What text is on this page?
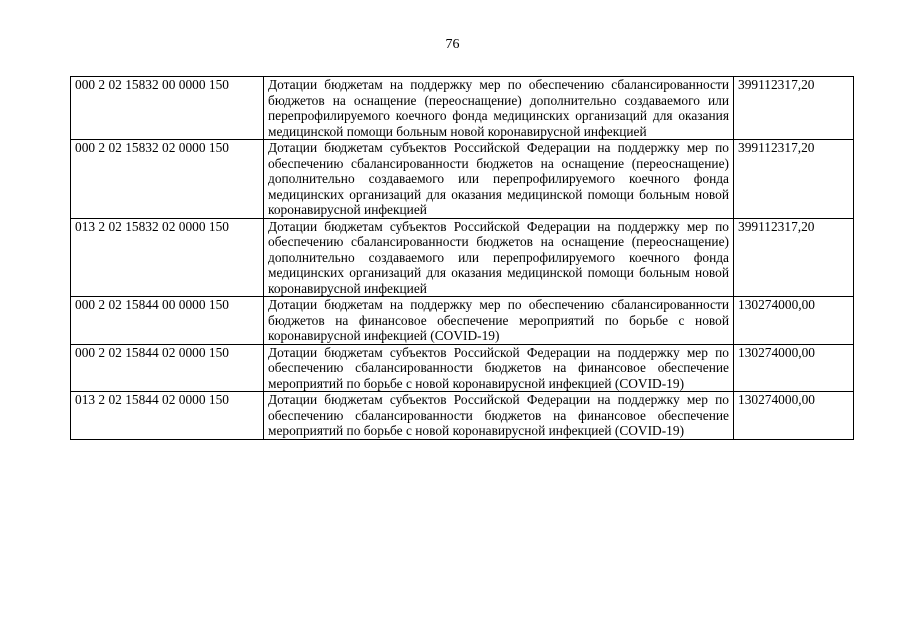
76
000 2 02 15832 00 0000 150	Дотации бюджетам на поддержку мер по обеспечению сбалансированности бюджетов на оснащение (переоснащение) дополнительно создаваемого или перепрофилируемого коечного фонда медицинских организаций для оказания медицинской помощи больным новой коронавирусной инфекцией	399112317,20
000 2 02 15832 02 0000 150	Дотации бюджетам субъектов Российской Федерации на поддержку мер по обеспечению сбалансированности бюджетов на оснащение (переоснащение) дополнительно создаваемого или перепрофилируемого коечного фонда медицинских организаций для оказания медицинской помощи больным новой коронавирусной инфекцией	399112317,20
013 2 02 15832 02 0000 150	Дотации бюджетам субъектов Российской Федерации на поддержку мер по обеспечению сбалансированности бюджетов на оснащение (переоснащение) дополнительно создаваемого или перепрофилируемого коечного фонда медицинских организаций для оказания медицинской помощи больным новой коронавирусной инфекцией	399112317,20
000 2 02 15844 00 0000 150	Дотации бюджетам на поддержку мер по обеспечению сбалансированности бюджетов на финансовое обеспечение мероприятий по борьбе с новой коронавирусной инфекцией (COVID-19)	130274000,00
000 2 02 15844 02 0000 150	Дотации бюджетам субъектов Российской Федерации на поддержку мер по обеспечению сбалансированности бюджетов на финансовое обеспечение мероприятий по борьбе с новой коронавирусной инфекцией (COVID-19)	130274000,00
013 2 02 15844 02 0000 150	Дотации бюджетам субъектов Российской Федерации на поддержку мер по обеспечению сбалансированности бюджетов на финансовое обеспечение мероприятий по борьбе с новой коронавирусной инфекцией (COVID-19)	130274000,00
